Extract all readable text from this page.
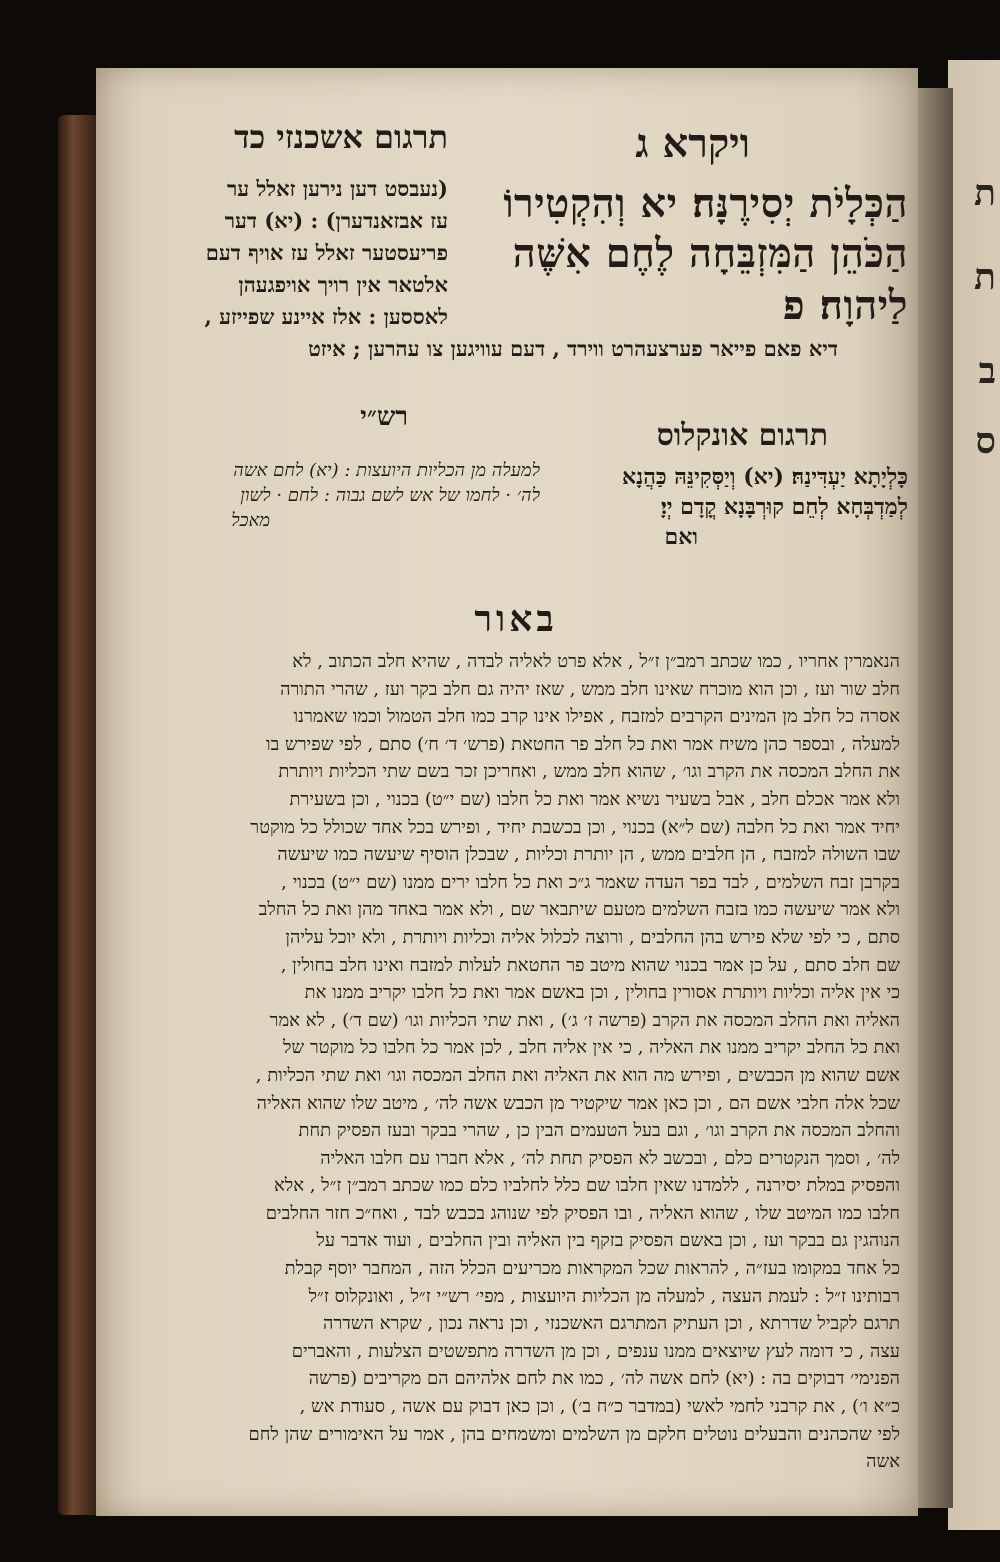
ת
ת
ב
ס
ויקרא ג
תרגום אשכנזי כד
הַכְּלָיֹת יְסִירֶנָּה׃ יא וְהִקְטִירוֹ
הַכֹּהֵן הַמִּזְבֵּחָה לֶחֶם אִשֶּׁה
לַיהוָה׃ פ
(נעבסט דען נירען זאלל ער
עז אבזאנדערן) : (יא) דער
פריעסטער זאלל עז אויף דעם
אלטאר אין רויך אויפגעהן
לאססען : אלז איינע שפייזע ,
דיא פאם פייאר פערצעהרט ווירד , דעם עוויגען צו עהרען ; איזט
תרגום אונקלוס
כָּלְיָתָא יַעְדִּינַהּ׃ (יא) וְיַסְּקִינֵּהּ כַּהֲנָא
לְמַדְבְּחָא לְחֵם קוּרְבָּנָא קֳדָם יְיָ׃
ואם
רש״י
למעלה מן הכליות היועצות : (יא) לחם אשה
לה׳ · לחמו של אש לשם גבוה : לחם · לשון
מאכל
באור
הנאמרין אחריו , כמו שכתב רמב״ן ז״ל , אלא פרט לאליה לבדה , שהיא חלב הכתוב , לא
חלב שור ועז , וכן הוא מוכרח שאינו חלב ממש , שאז יהיה גם חלב בקר ועז , שהרי התורה
אסרה כל חלב מן המינים הקרבים למזבח , אפילו אינו קרב כמו חלב הטמול וכמו שאמרנו
למעלה , ובספר כהן משיח אמר ואת כל חלב פר החטאת (פרש׳ ד׳ ח׳) סתם , לפי שפירש בו
את החלב המכסה את הקרב וגו׳ , שהוא חלב ממש , ואחריכן זכר בשם שתי הכליות ויותרת
ולא אמר אכלם חלב , אבל בשעיר נשיא אמר ואת כל חלבו (שם י״ט) בכנוי , וכן בשעירת
יחיד אמר ואת כל חלבה (שם ל״א) בכנוי , וכן בכשבת יחיד , ופירש בכל אחד שכולל כל מוקטר
שבו השולה למזבח , הן חלבים ממש , הן יותרת וכליות , שבכלן הוסיף שיעשה כמו שיעשה
בקרבן זבח השלמים , לבד בפר העדה שאמר ג״כ ואת כל חלבו ירים ממנו (שם י״ט) בכנוי ,
ולא אמר שיעשה כמו בזבח השלמים מטעם שיתבאר שם , ולא אמר באחד מהן ואת כל החלב
סתם , כי לפי שלא פירש בהן החלבים , ורוצה לכלול אליה וכליות ויותרת , ולא יוכל עליהן
שם חלב סתם , על כן אמר בכנוי שהוא מיטב פר החטאת לעלות למזבח ואינו חלב בחולין ,
כי אין אליה וכליות ויותרת אסורין בחולין , וכן באשם אמר ואת כל חלבו יקריב ממנו את
האליה ואת החלב המכסה את הקרב (פרשה ז׳ ג׳) , ואת שתי הכליות וגו׳ (שם ד׳) , לא אמר
ואת כל החלב יקריב ממנו את האליה , כי אין אליה חלב , לכן אמר כל חלבו כל מוקטר של
אשם שהוא מן הכבשים , ופירש מה הוא את האליה ואת החלב המכסה וגו׳ ואת שתי הכליות ,
שכל אלה חלבי אשם הם , וכן כאן אמר שיקטיר מן הכבש אשה לה׳ , מיטב שלו שהוא האליה
והחלב המכסה את הקרב וגו׳ , וגם בעל הטעמים הבין כן , שהרי בבקר ובעז הפסיק תחת
לה׳ , וסמך הנקטרים כלם , ובכשב לא הפסיק תחת לה׳ , אלא חברו עם חלבו האליה
והפסיק במלת יסירנה , ללמדנו שאין חלבו שם כלל לחלביו כלם כמו שכתב רמב״ן ז״ל , אלא
חלבו כמו המיטב שלו , שהוא האליה , ובו הפסיק לפי שנוהג בכבש לבד , ואח״כ חזר החלבים
הנוהגין גם בבקר ועז , וכן באשם הפסיק בזקף בין האליה ובין החלבים , ועוד אדבר על
כל אחד במקומו בעז״ה , להראות שכל המקראות מכריעים הכלל הזה , המחבר יוסף קבלת
רבותינו ז״ל : לעמת העצה , למעלה מן הכליות היועצות , מפי׳ רש״י ז״ל , ואונקלוס ז״ל
תרגם לקביל שדרתא , וכן העתיק המתרגם האשכנזי , וכן נראה נכון , שקרא השדרה
עצה , כי דומה לעץ שיוצאים ממנו ענפים , וכן מן השדרה מתפשטים הצלעות , והאברים
הפנימי׳ דבוקים בה : (יא) לחם אשה לה׳ , כמו את לחם אלהיהם הם מקריבים (פרשה
כ״א ו׳) , את קרבני לחמי לאשי (במדבר כ״ח ב׳) , וכן כאן דבוק עם אשה , סעודת אש ,
לפי שהכהנים והבעלים נוטלים חלקם מן השלמים ומשמחים בהן , אמר על האימורים שהן לחם
אשה
